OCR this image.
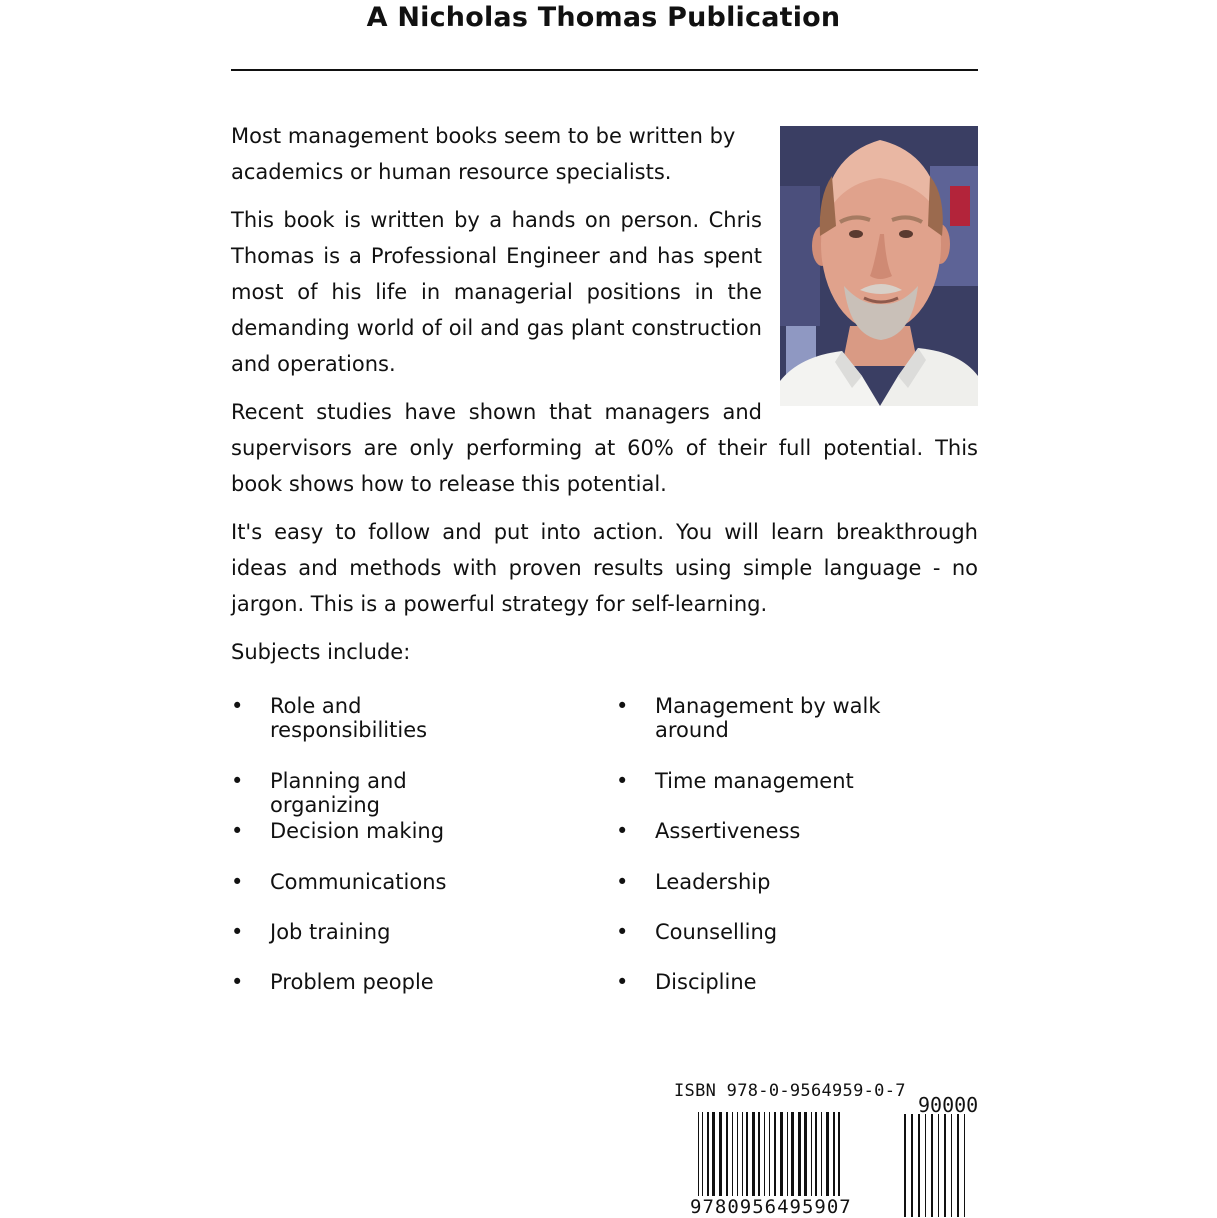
A Nicholas Thomas Publication

Most management books seem to be written by academics or human resource specialists.

This book is written by a hands on person. Chris Thomas is a Professional Engineer and has spent most of his life in managerial positions in the demanding world of oil and gas plant construction and operations.

Recent studies have shown that managers and supervisors are only performing at 60% of their full potential. This book shows how to release this potential.

It's easy to follow and put into action. You will learn breakthrough ideas and methods with proven results using simple language - no jargon. This is a powerful strategy for self-learning.

Subjects include:

• Role and responsibilities
• Planning and organizing
• Decision making
• Communications
• Job training
• Problem people
• Management by walk around
• Time management
• Assertiveness
• Leadership
• Counselling
• Discipline
ISBN 978-0-9564959-0-7
90000
9780956495907
